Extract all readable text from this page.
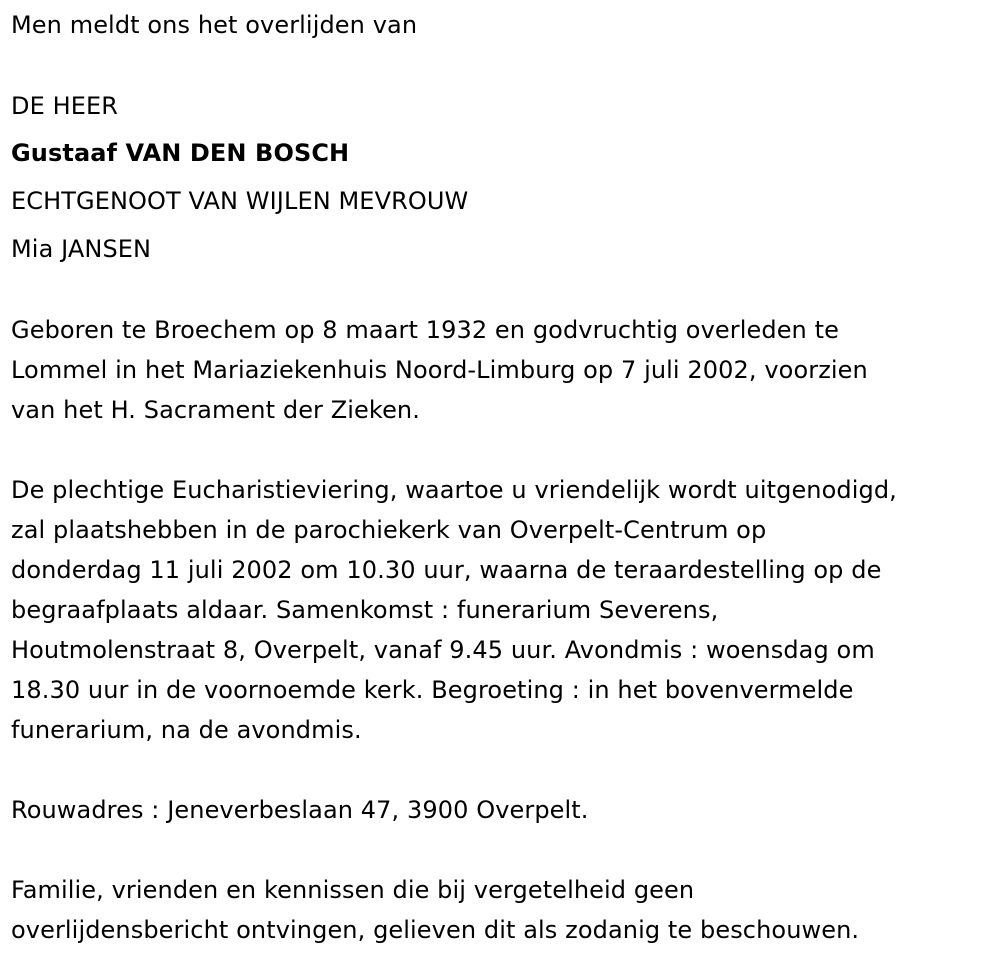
Men meldt ons het overlijden van
DE HEER
Gustaaf VAN DEN BOSCH
ECHTGENOOT VAN WIJLEN MEVROUW
Mia JANSEN
Geboren te Broechem op 8 maart 1932 en godvruchtig overleden te
Lommel in het Mariaziekenhuis Noord-Limburg op 7 juli 2002, voorzien
van het H. Sacrament der Zieken.
De plechtige Eucharistieviering, waartoe u vriendelijk wordt uitgenodigd,
zal plaatshebben in de parochiekerk van Overpelt-Centrum op
donderdag 11 juli 2002 om 10.30 uur, waarna de teraardestelling op de
begraafplaats aldaar. Samenkomst : funerarium Severens,
Houtmolenstraat 8, Overpelt, vanaf 9.45 uur. Avondmis : woensdag om
18.30 uur in de voornoemde kerk. Begroeting : in het bovenvermelde
funerarium, na de avondmis.
Rouwadres : Jeneverbeslaan 47, 3900 Overpelt.
Familie, vrienden en kennissen die bij vergetelheid geen
overlijdensbericht ontvingen, gelieven dit als zodanig te beschouwen.
